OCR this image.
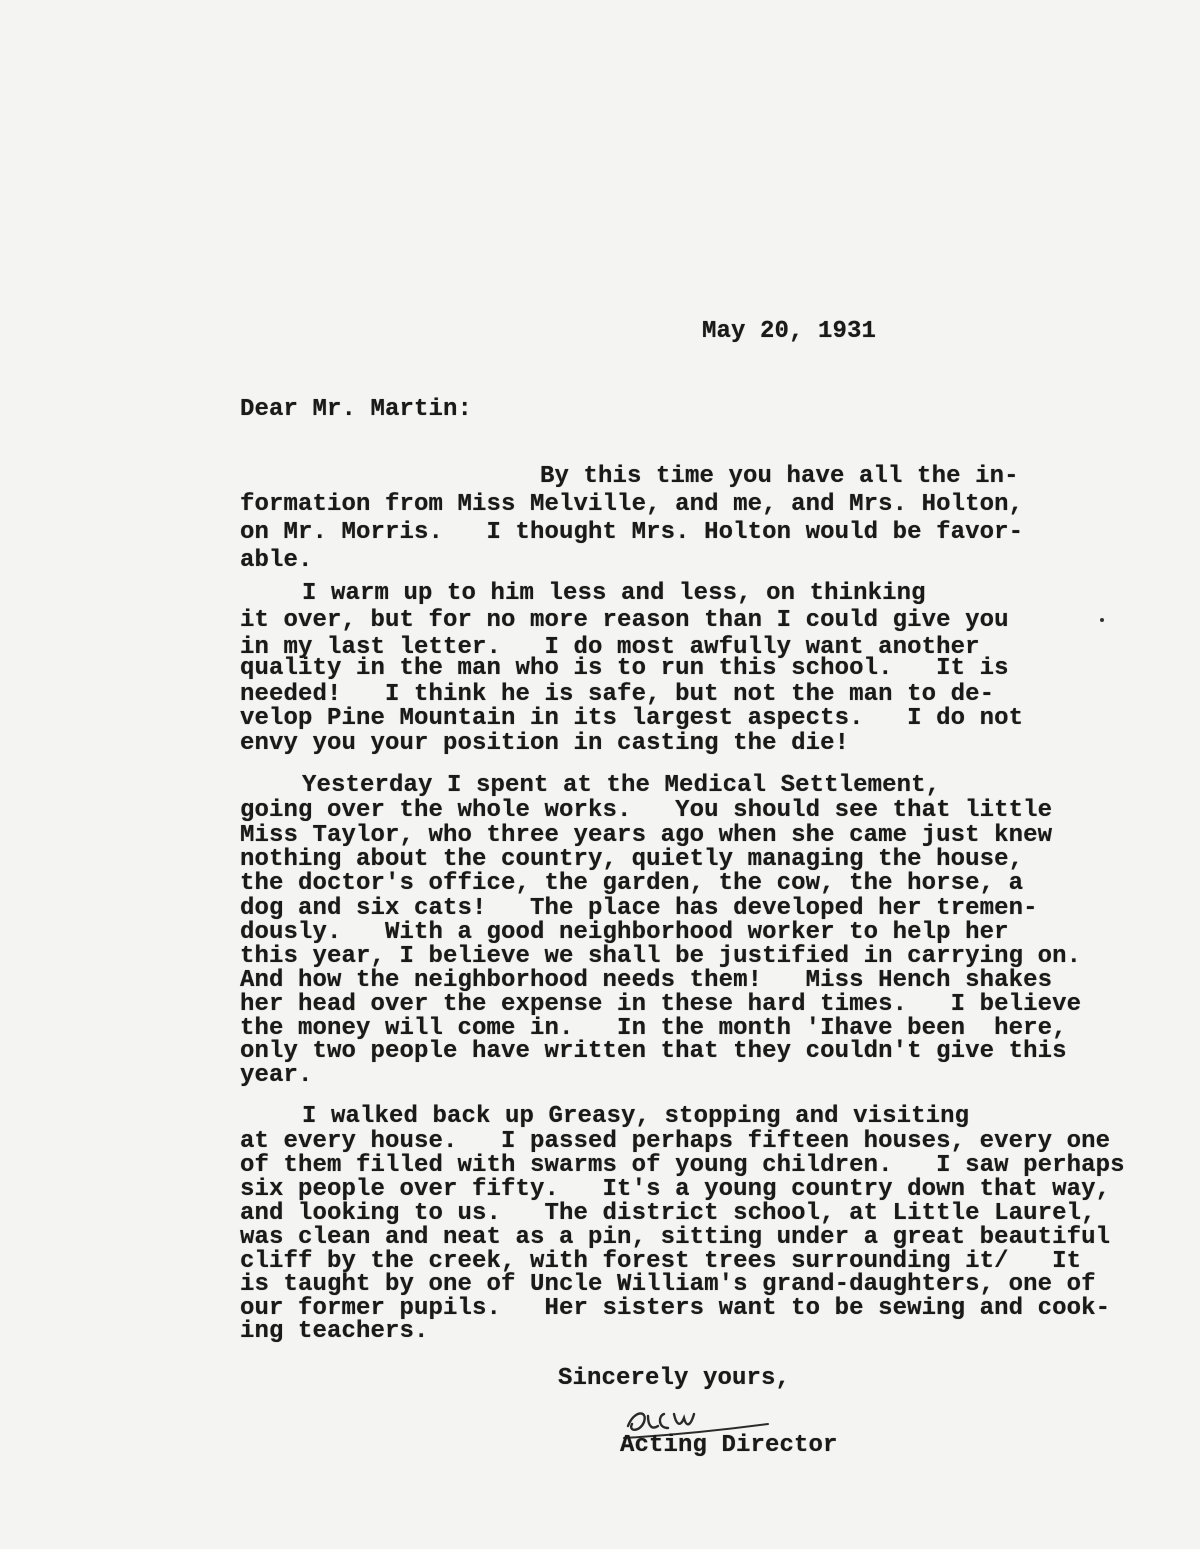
May 20, 1931
Dear Mr. Martin:
By this time you have all the in-
formation from Miss Melville, and me, and Mrs. Holton,
on Mr. Morris.   I thought Mrs. Holton would be favor-
able.
I warm up to him less and less, on thinking
it over, but for no more reason than I could give you
in my last letter.   I do most awfully want another
quality in the man who is to run this school.   It is
needed!   I think he is safe, but not the man to de-
velop Pine Mountain in its largest aspects.   I do not
envy you your position in casting the die!
Yesterday I spent at the Medical Settlement,
going over the whole works.   You should see that little
Miss Taylor, who three years ago when she came just knew
nothing about the country, quietly managing the house,
the doctor's office, the garden, the cow, the horse, a
dog and six cats!   The place has developed her tremen-
dously.   With a good neighborhood worker to help her
this year, I believe we shall be justified in carrying on.
And how the neighborhood needs them!   Miss Hench shakes
her head over the expense in these hard times.   I believe
the money will come in.   In the month 'Ihave been  here,
only two people have written that they couldn't give this
year.
I walked back up Greasy, stopping and visiting
at every house.   I passed perhaps fifteen houses, every one
of them filled with swarms of young children.   I saw perhaps
six people over fifty.   It's a young country down that way,
and looking to us.   The district school, at Little Laurel,
was clean and neat as a pin, sitting under a great beautiful
cliff by the creek, with forest trees surrounding it/   It
is taught by one of Uncle William's grand-daughters, one of
our former pupils.   Her sisters want to be sewing and cook-
ing teachers.
Sincerely yours,
Acting Director
